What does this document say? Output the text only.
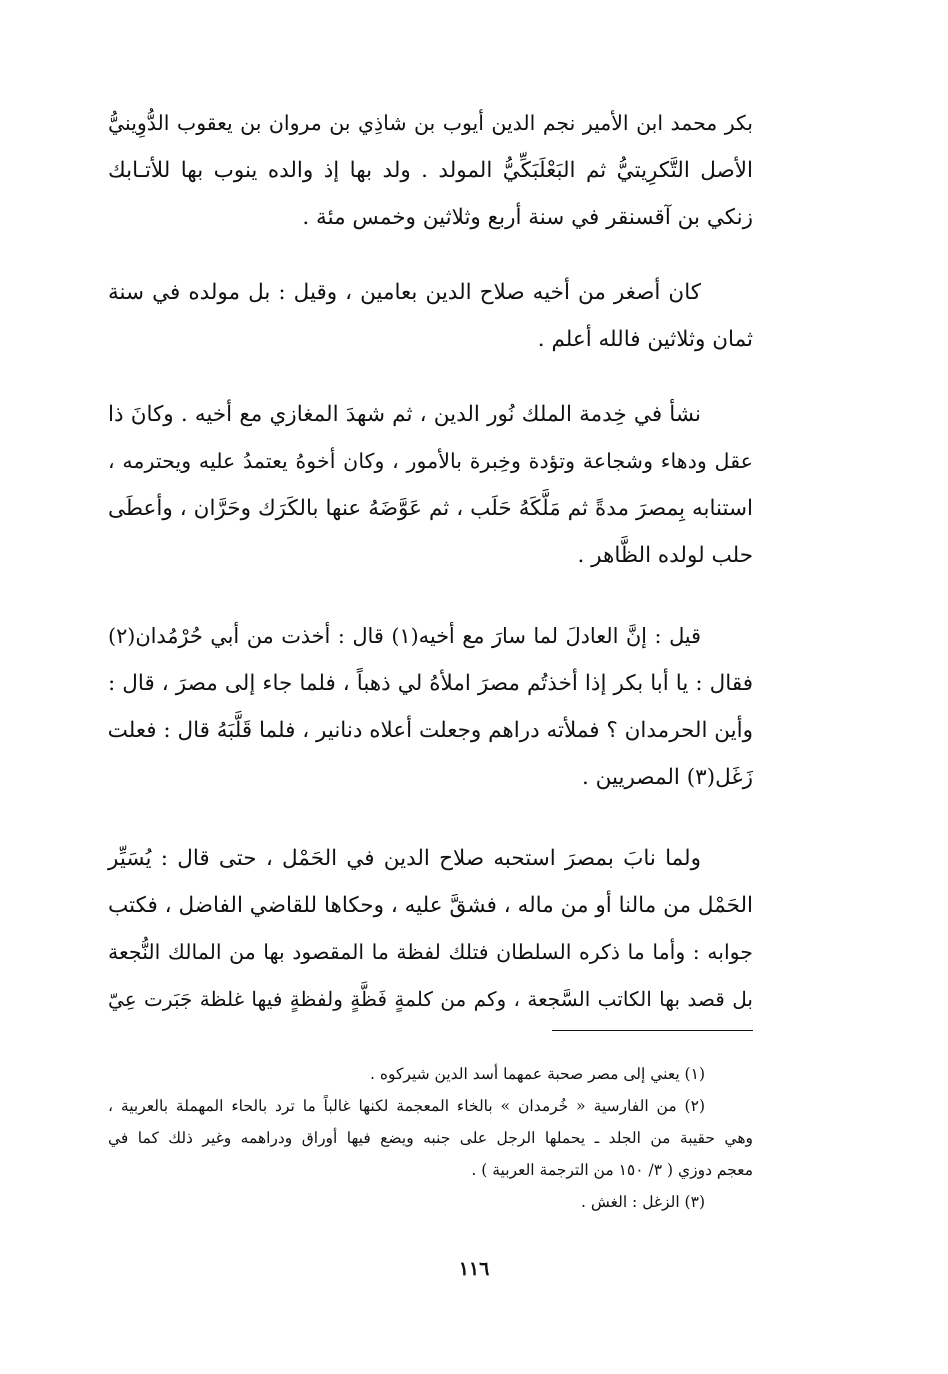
بكر محمد ابن الأمير نجم الدين أيوب بن شاذِي بن مروان بن يعقوب الدُّوِينيُّ
الأصل التَّكرِيتيُّ ثم البَعْلَبَكِّيُّ المولد . ولد بها إذ والده ينوب بها للأتـابك
زنكي بن آقسنقر في سنة أربع وثلاثين وخمس مئة .

كان أصغر من أخيه صلاح الدين بعامين ، وقيل : بل مولده في سنة
ثمان وثلاثين فالله أعلم .

نشأ في خِدمة الملك نُور الدين ، ثم شهدَ المغازي مع أخيه . وكانَ ذا
عقل ودهاء وشجاعة وتؤدة وخِبرة بالأمور ، وكان أخوهُ يعتمدُ عليه ويحترمه ،
استنابه بِمصرَ مدةً ثم مَلَّكَهُ حَلَب ، ثم عَوَّضَهُ عنها بالكَرَك وحَرَّان ، وأعطَى
حلب لولده الظَّاهر .

قيل : إنَّ العادلَ لما سارَ مع أخيه(١) قال : أخذت من أبي حُرْمُدان(٢)
فقال : يا أبا بكر إذا أخذتُم مصرَ املأهُ لي ذهباً ، فلما جاء إلى مصرَ ، قال :
وأين الحرمدان ؟ فملأته دراهم وجعلت أعلاه دنانير ، فلما قَلَّبَهُ قال : فعلت
زَغَل(٣) المصريين .

ولما نابَ بمصرَ استحبه صلاح الدين في الحَمْل ، حتى قال : يُسَيِّر
الحَمْل من مالنا أو من ماله ، فشقَّ عليه ، وحكاها للقاضي الفاضل ، فكتب
جوابه : وأما ما ذكره السلطان فتلك لفظة ما المقصود بها من المالك النُّجعة
بل قصد بها الكاتب السَّجعة ، وكم من كلمةٍ فَظَّةٍ ولفظةٍ فيها غلظة جَبَرت عِيّ

(١) يعني إلى مصر صحبة عمهما أسد الدين شيركوه .
(٢) من الفارسية « خُرمدان » بالخاء المعجمة لكنها غالباً ما ترد بالحاء المهملة بالعربية ،
وهي حقيبة من الجلد ـ يحملها الرجل على جنبه ويضع فيها أوراق ودراهمه وغير ذلك كما في
معجم دوزي ( ٣/ ١٥٠ من الترجمة العربية ) .
(٣) الزغل : الغش .
١١٦
